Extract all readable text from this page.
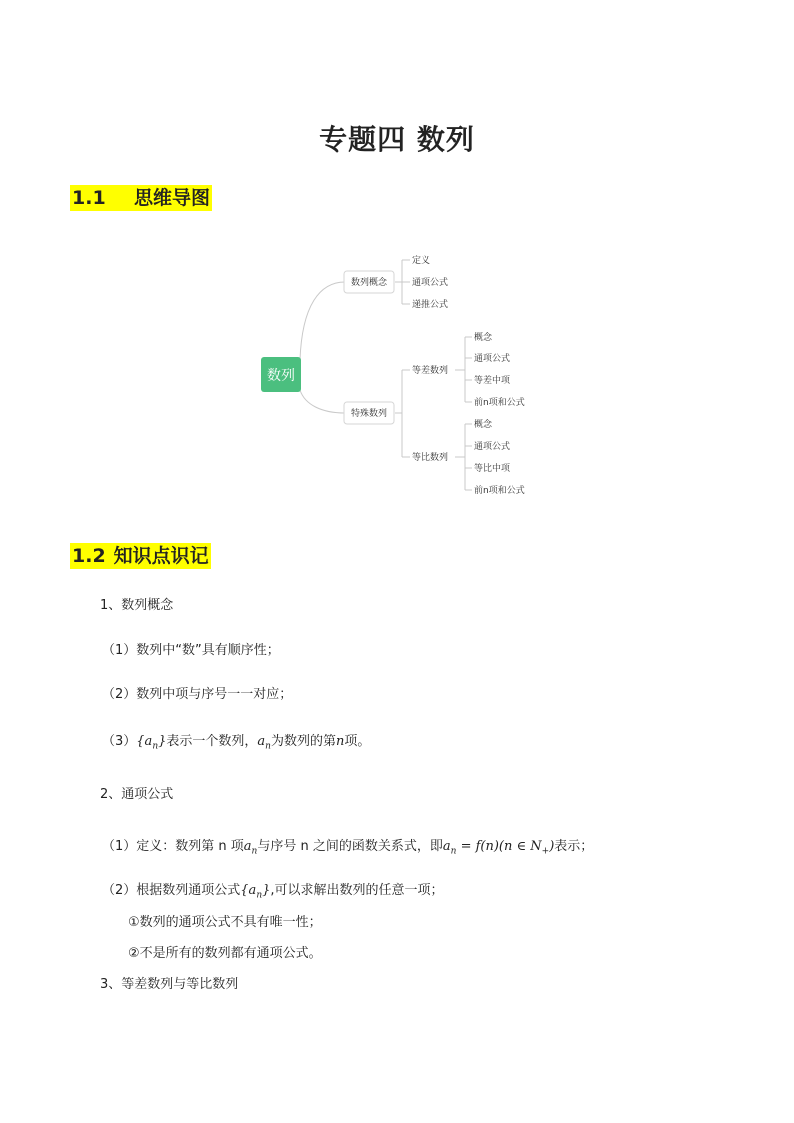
专题四 数列
1.1 思维导图
数列
数列概念
定义
通项公式
递推公式
特殊数列
等差数列
概念
通项公式
等差中项
前n项和公式
等比数列
概念
通项公式
等比中项
前n项和公式
1.2 知识点识记
1、数列概念
（1）数列中“数”具有顺序性；
（2）数列中项与序号一一对应；
$(3)\{a_n\}$表示一个数列，$a_n$为数列的第n项。
2、通项公式
（1）定义：数列第 n 项$a_n$与序号 n 之间的函数关系式，即$a_n = f(n)(n$ ∈ $N_+$)表示；
（2）根据数列通项公式$\{a_n\}$,可以求解出数列的任意一项；
①数列的通项公式不具有唯一性；
②不是所有的数列都有通项公式。
3、等差数列与等比数列
